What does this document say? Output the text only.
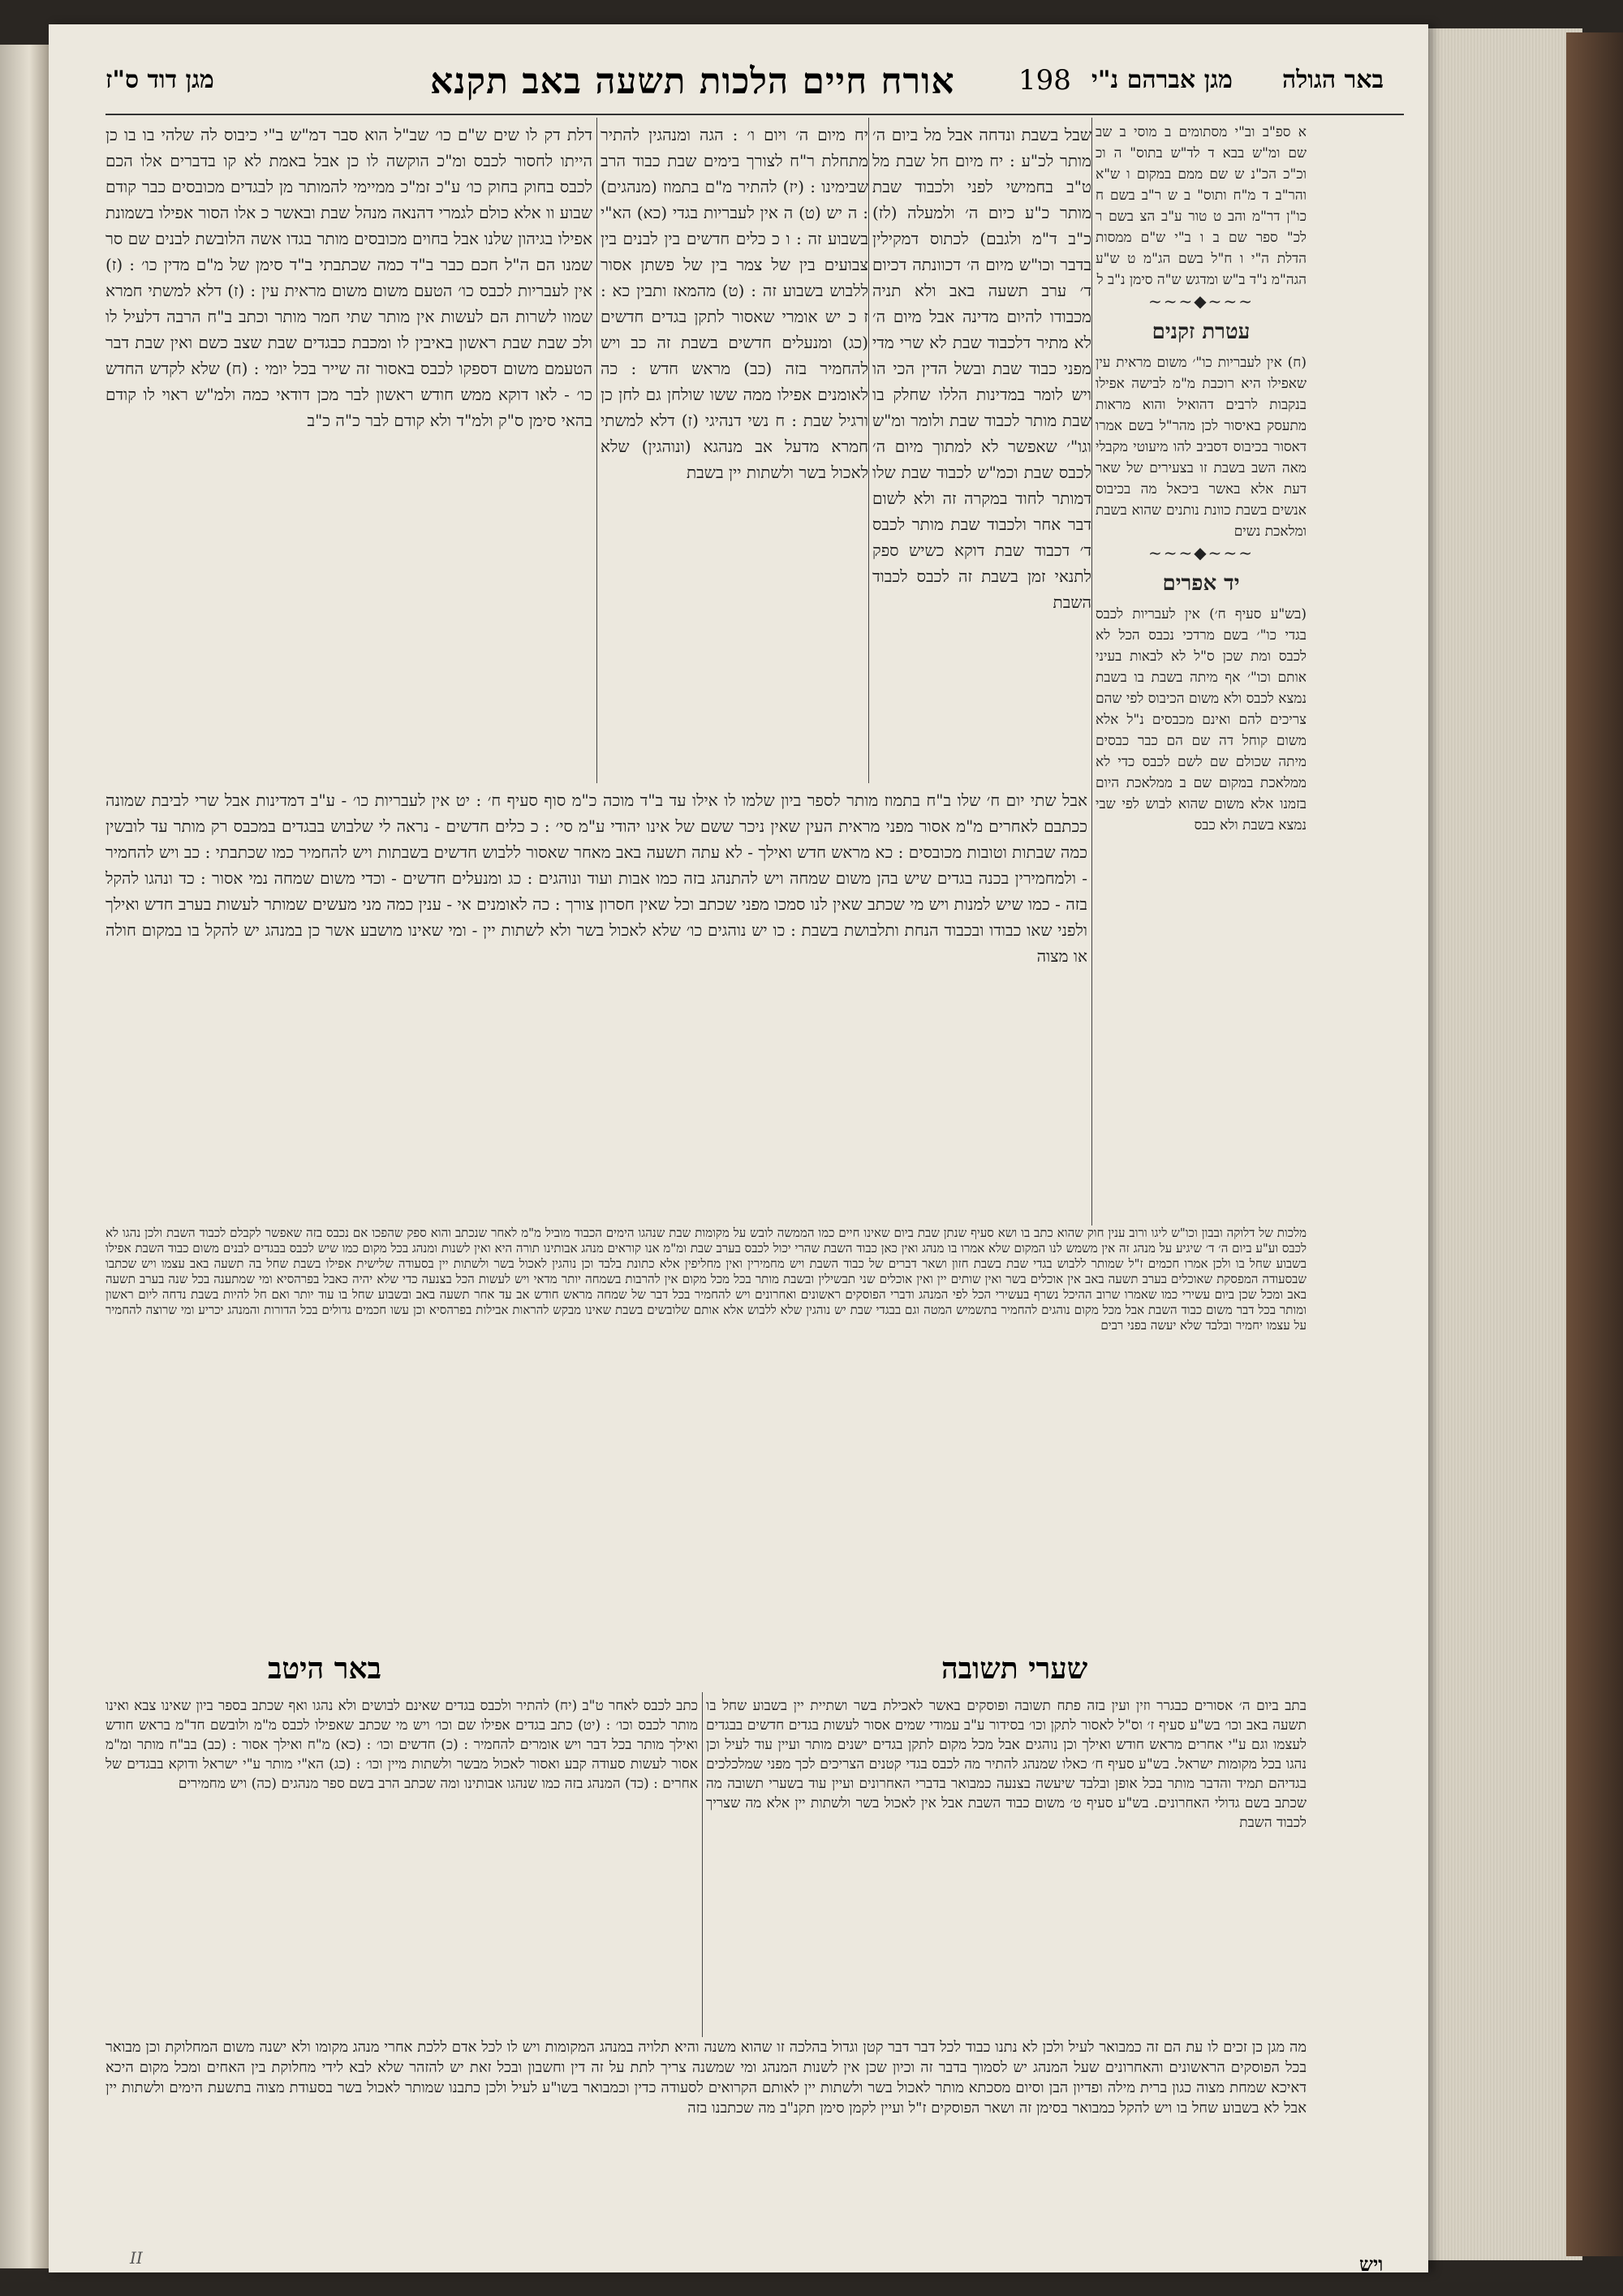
מגן דוד ס"ז	אורח חיים הלכות תשעה באב תקנא 198 מגן אברהם נ"י באר הגולה

א ספ"ב וב"י מסתומים ב מוסי ב שב שם ומ"ש בבא ד לד"ש בתוס" ה וכ וכ"כ הכ"נ ש שם ממם במקום ו ש"א והר"ב ד מ"ח ותוס" ב ש ר"ב בשם ח כו"ן דר"מ והב ט טור ע"ב הצ בשם ר לכ" ספר שם ב ו ב"י ש"ם ממסות הדלת ה"י ו ח"ל בשם הג"מ ט ש"ע הגה"מ נ"ד ב"ש ומדגש ש"ה סימן נ"ב ל

~~~◆~~~
עטרת זקנים

(ח) אין לעבריות כו"׳ משום מראית עין שאפילו היא רוכבת מ"מ לבישה אפילו בנקבות לרבים דהואיל והוא מראות מתעסק באיסור לכן מהר"ל בשם אמרו דאסור בכיבוס דסביב להו מיעוטי מקבלי מאה השב בשבת זו בצעירים של שאר דעת אלא באשר ביכאל מה בכיבוס אנשים בשבת כוונת נותנים שהוא בשבת ומלאכת נשים

~~~◆~~~
יד אפרים

(בש"ע סעיף ח׳) אין לעבריות לכבס בגדי כו"׳ בשם מרדכי נכבס הכל לא לכבס ומת שכן ס"ל לא לבאות בעיני אותם וכו"׳ אף מיתה בשבת בו בשבת נמצא לכבס ולא משום הכיבוס לפי שהם צריכים להם ואינם מכבסים נ"ל אלא משום קוחל דה שם הם כבר כבסים מיתה שכולם שם לשם לכבס כדי לא ממלאכת במקום שם ב ממלאכת היום בזמנו אלא משום שהוא לבוש לפי שבי נמצא בשבת ולא כבס

שבל בשבת ונדחה אבל מל ביום ה׳ מותר לכ"ע : יח מיום חל שבת מל ט"ב בחמישי לפני ולכבוד שבת מותר כ"ע כיום ה׳ ולמעלה (לז) כ"ב ד"מ ולגבם) לכתוס דמקילין בדבר וכו"ש מיום ה׳ דכוונתה דכיום ד׳ ערב תשעה באב ולא תניה מכבודו להיום מדינה אבל מיום ה׳ לא מתיר דלכבוד שבת לא שרי מדי מפני כבוד שבת ובשל הדין הכי הו ויש לומר במדינות הללו שחלק בו שבת מותר לכבוד שבת ולומר ומ"ש וגו"׳ שאפשר לא למתוך מיום ה׳ לכבס שבת וכמ"ש לכבוד שבת שלו דמותר לחוד במקרה זה ולא לשום דבר אחר ולכבוד שבת מותר לכבס ד׳ דכבוד שבת דוקא כשיש ספק לתנאי זמן בשבת זה לכבס לכבוד השבת

יח מיום ה׳ ויום ו׳ : הגה ומנהגין להתיר מתחלת ר"ח לצורך בימים שבת כבוד הרב שבימינו : (יז) להתיר מ"ם בתמוז (מנהגים) : ה יש (ט) ה אין לעבריות בגדי (כא) הא"י בשבוע זה : ו כ כלים חדשים בין לבנים בין צבועים בין של צמר בין של פשתן אסור ללבוש בשבוע זה : (ט) מהמאז ותבין כא : ז כ יש אומרי שאסור לתקן בגדים חדשים (כג) ומנעלים חדשים בשבת זה כב ויש להחמיר בזה (כב) מראש חדש : כה לאומנים אפילו ממה ששו שולחן גם לחן כן ורגיל שבת : ח נשי דנהיגי (ז) דלא למשתי חמרא מדעל אב מנהגא (ונוהגין) שלא לאכול בשר ולשתות יין בשבת

דלת דק לו שים ש"ם כו׳ שב"ל הוא סבר דמ"ש ב"י כיבוס לה שלהי בו בו כן הייתו לחסור לכבס ומ"כ הוקשה לו כן אבל באמת לא קו בדברים אלו הכם לכבס בחוק בחוק כו׳ ע"כ זמ"כ ממיימי להמותר מן לבגדים מכובסים כבר קודם שבוע וו אלא כולם לגמרי דהנאה מנהל שבת ובאשר כ אלו הסור אפילו בשמונת אפילו בגיהון שלנו אבל בחוים מכובסים מותר בגדו אשה הלובשת לבנים שם סר שמנו הם ה"ל חכם כבר ב"ד כמה שכתבתי ב"ד סימן של מ"ם מדין כו׳ : (ז) אין לעבריות לכבס כו׳ הטעם משום משום מראית עין : (ז) דלא למשתי חמרא שמוו לשרות הם לעשות אין מותר שתי חמר מותר וכתב ב"ח הרבה דלעיל לו ולכ שבת שבת ראשון באיבין לו ומכבת כבגדים שבת שצב כשם ואין שבת דבר הטעמם משום דספקו לכבס באסור זה שייר בכל יומי : (ח) שלא לקדש החדש כו׳ - לאו דוקא ממש חודש ראשון לבר מכן דודאי כמה ולמ"ש ראוי לו קודם בהאי סימן ס"ק ולמ"ד ולא קודם לבר כ"ה כ"ב

אבל שתי יום ח׳ שלו ב"ח בתמוז מותר לספר ביון שלמו לו אילו עד ב"ד מוכה כ"מ סוף סעיף ח׳ : יט אין לעבריות כו׳ - ע"ב דמדינות אבל שרי לביבת שמונה ככתבם לאחרים מ"מ אסור מפני מראית העין שאין ניכר ששם של אינו יהודי ע"מ סי׳ : כ כלים חדשים - נראה לי שלבוש בבגדים במכבס רק מותר עד לובשין כמה שבתות וטובות מכובסים : כא מראש חדש ואילך - לא עתה תשעה באב מאחר שאסור ללבוש חדשים בשבתות ויש להחמיר כמו שכתבתי : כב ויש להחמיר - ולמחמירין בכנה בגדים שיש בהן משום שמחה ויש להתנהג בזה כמו אבות ועוד ונוהגים : כג ומנעלים חדשים - וכדי משום שמחה נמי אסור : כד ונהגו להקל בזה - כמו שיש למנות ויש מי שכתב שאין לנו סמכו מפני שכתב וכל שאין חסרון צורך : כה לאומנים אי - ענין כמה מני מעשים שמותר לעשות בערב חדש ואילך ולפני שאו כבודו ובכבוד הנחת ותלבושת בשבת : כו יש נוהגים כו׳ שלא לאכול בשר ולא לשתות יין - ומי שאינו מושבע אשר כן במנהג יש להקל בו במקום חולה או מצוה

מלכות של דלוקה ובבון וכו"ש ליגו ורוב ענין חוק שהוא כתב בו ושא סעיף שנתן שבת ביום שאינו חיים כמו הממשה לובש על מקומות שבת שנהגו הימים הכבוד מוביל מ"מ לאחר שנכתב והוא ספק שהפכו אם נכבס בזה שאפשר לקבלם לכבוד השבת ולכן נהגו לא לכבס וע"ע ביום ה׳ ד׳ שיגיע על מנהג זה אין משמש לנו המקום שלא אמרו בו מנהג ואין כאן כבוד השבת שהרי יכול לכבס בערב שבת ומ"מ אנו קוראים מנהג אבותינו תורה היא ואין לשנות ומנהג בכל מקום כמו שיש לכבס בבגדים לבנים משום כבוד השבת אפילו בשבוע שחל בו ולכן אמרו חכמים ז"ל שמותר ללבוש בגדי שבת בשבת חזון ושאר דברים של כבוד השבת ויש מחמירין ואין מחליפין אלא כתונת בלבד וכן נוהגין לאכול בשר ולשתות יין בסעודה שלישית אפילו בשבת שחל בה תשעה באב עצמו ויש שכתבו שבסעודה המפסקת שאוכלים בערב תשעה באב אין אוכלים בשר ואין שותים יין ואין אוכלים שני תבשילין ובשבת מותר בכל מכל מקום אין להרבות בשמחה יותר מדאי ויש לעשות הכל בצנעה כדי שלא יהיה כאבל בפרהסיא ומי שמתענה בכל שנה בערב תשעה באב ומכל שכן ביום עשירי כמו שאמרו שרוב ההיכל נשרף בעשירי הכל לפי המנהג ודברי הפוסקים ראשונים ואחרונים ויש להחמיר בכל דבר של שמחה מראש חודש אב עד אחר תשעה באב ובשבוע שחל בו עוד יותר ואם חל להיות בשבת נדחה ליום ראשון ומותר בכל דבר משום כבוד השבת אבל מכל מקום נוהגים להחמיר בתשמיש המטה וגם בבגדי שבת יש נוהגין שלא ללבוש אלא אותם שלובשים בשבת שאינו מבקש להראות אבילות בפרהסיא וכן עשו חכמים גדולים בכל הדורות והמנהג יכריע ומי שרוצה להחמיר על עצמו יחמיר ובלבד שלא יעשה בפני רבים

שערי תשובה
באר היטב

בתב ביום ה׳ אסורים כבגרר וזין ועין בזה פתח תשובה ופוסקים באשר לאכילת בשר ושתיית יין בשבוע שחל בו תשעה באב וכו׳ בש"ע סעיף ז׳ וס"ל לאסור לתקן וכו׳ בסידור ע"ב עמודי שמים אסור לעשות בגדים חדשים בבגדים לעצמו וגם ע"י אחרים מראש חודש ואילך וכן נוהגים אבל מכל מקום לתקן בגדים ישנים מותר ועיין עוד לעיל וכן נהגו בכל מקומות ישראל. בש"ע סעיף ח׳ כאלו שמנהג להתיר מה לכבס בגדי קטנים הצריכים לכך מפני שמלכלכים בגדיהם תמיד והדבר מותר בכל אופן ובלבד שיעשה בצנעה כמבואר בדברי האחרונים ועיין עוד בשערי תשובה מה שכתב בשם גדולי האחרונים. בש"ע סעיף ט׳ משום כבוד השבת אבל אין לאכול בשר ולשתות יין אלא מה שצריך לכבוד השבת

כתב לכבס לאחר ט"ב (יח) להתיר ולכבס בגדים שאינם לבושים ולא נהגו ואף שכתב בספר ביון שאינו צבא ואינו מותר לכבס וכו׳ : (יט) כתב בגדים אפילו שם וכו׳ ויש מי שכתב שאפילו לכבס מ"מ ולובשם חד"מ בראש חודש ואילך מותר בכל דבר ויש אומרים להחמיר : (כ) חדשים וכו׳ : (כא) מ"ח ואילך אסור : (כב) בב"ח מותר ומ"מ אסור לעשות סעודה קבע ואסור לאכול מבשר ולשתות מיין וכו׳ : (כג) הא"י מותר ע"י ישראל ודוקא בבגדים של אחרים : (כד) המנהג בזה כמו שנהגו אבותינו ומה שכתב הרב בשם ספר מנהגים (כה) ויש מחמירים

מה מגן כן זכים לו עת הם זה כמבואר לעיל ולכן לא נתנו כבוד לכל דבר דבר קטן וגדול בהלכה זו שהוא משנה והיא תלויה במנהג המקומות ויש לו לכל אדם ללכת אחרי מנהג מקומו ולא ישנה משום המחלוקת וכן מבואר בכל הפוסקים הראשונים והאחרונים שעל המנהג יש לסמוך בדבר זה וכיון שכן אין לשנות המנהג ומי שמשנה צריך לתת על זה דין וחשבון ובכל זאת יש להזהר שלא לבא לידי מחלוקת בין האחים ומכל מקום היכא דאיכא שמחת מצוה כגון ברית מילה ופדיון הבן וסיום מסכתא מותר לאכול בשר ולשתות יין לאותם הקרואים לסעודה כדין וכמבואר בשו"ע לעיל ולכן כתבנו שמותר לאכול בשר בסעודת מצוה בתשעת הימים ולשתות יין אבל לא בשבוע שחל בו ויש להקל כמבואר בסימן זה ושאר הפוסקים ז"ל ועיין לקמן סימן תקנ"ב מה שכתבנו בזה

ויש
II
